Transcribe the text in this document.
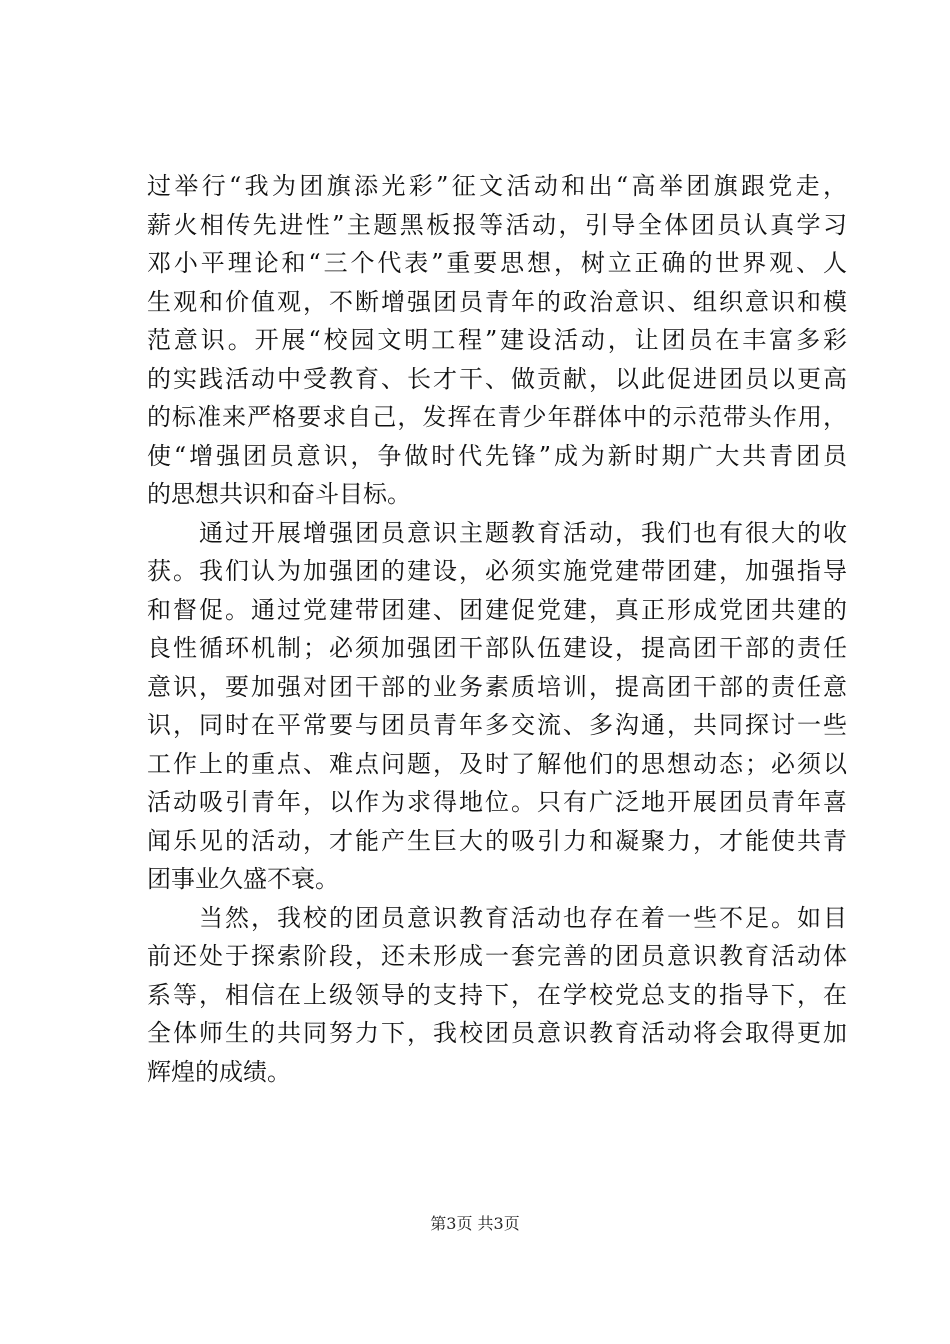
过举行“我为团旗添光彩”征文活动和出“高举团旗跟党走，
薪火相传先进性”主题黑板报等活动，引导全体团员认真学习
邓小平理论和“三个代表”重要思想，树立正确的世界观、人
生观和价值观，不断增强团员青年的政治意识、组织意识和模
范意识。开展“校园文明工程”建设活动，让团员在丰富多彩
的实践活动中受教育、长才干、做贡献，以此促进团员以更高
的标准来严格要求自己，发挥在青少年群体中的示范带头作用，
使“增强团员意识，争做时代先锋”成为新时期广大共青团员
的思想共识和奋斗目标。
　　通过开展增强团员意识主题教育活动，我们也有很大的收
获。我们认为加强团的建设，必须实施党建带团建，加强指导
和督促。通过党建带团建、团建促党建，真正形成党团共建的
良性循环机制；必须加强团干部队伍建设，提高团干部的责任
意识，要加强对团干部的业务素质培训，提高团干部的责任意
识，同时在平常要与团员青年多交流、多沟通，共同探讨一些
工作上的重点、难点问题，及时了解他们的思想动态；必须以
活动吸引青年，以作为求得地位。只有广泛地开展团员青年喜
闻乐见的活动，才能产生巨大的吸引力和凝聚力，才能使共青
团事业久盛不衰。
　　当然，我校的团员意识教育活动也存在着一些不足。如目
前还处于探索阶段，还未形成一套完善的团员意识教育活动体
系等，相信在上级领导的支持下，在学校党总支的指导下，在
全体师生的共同努力下，我校团员意识教育活动将会取得更加
辉煌的成绩。
第3页 共3页
